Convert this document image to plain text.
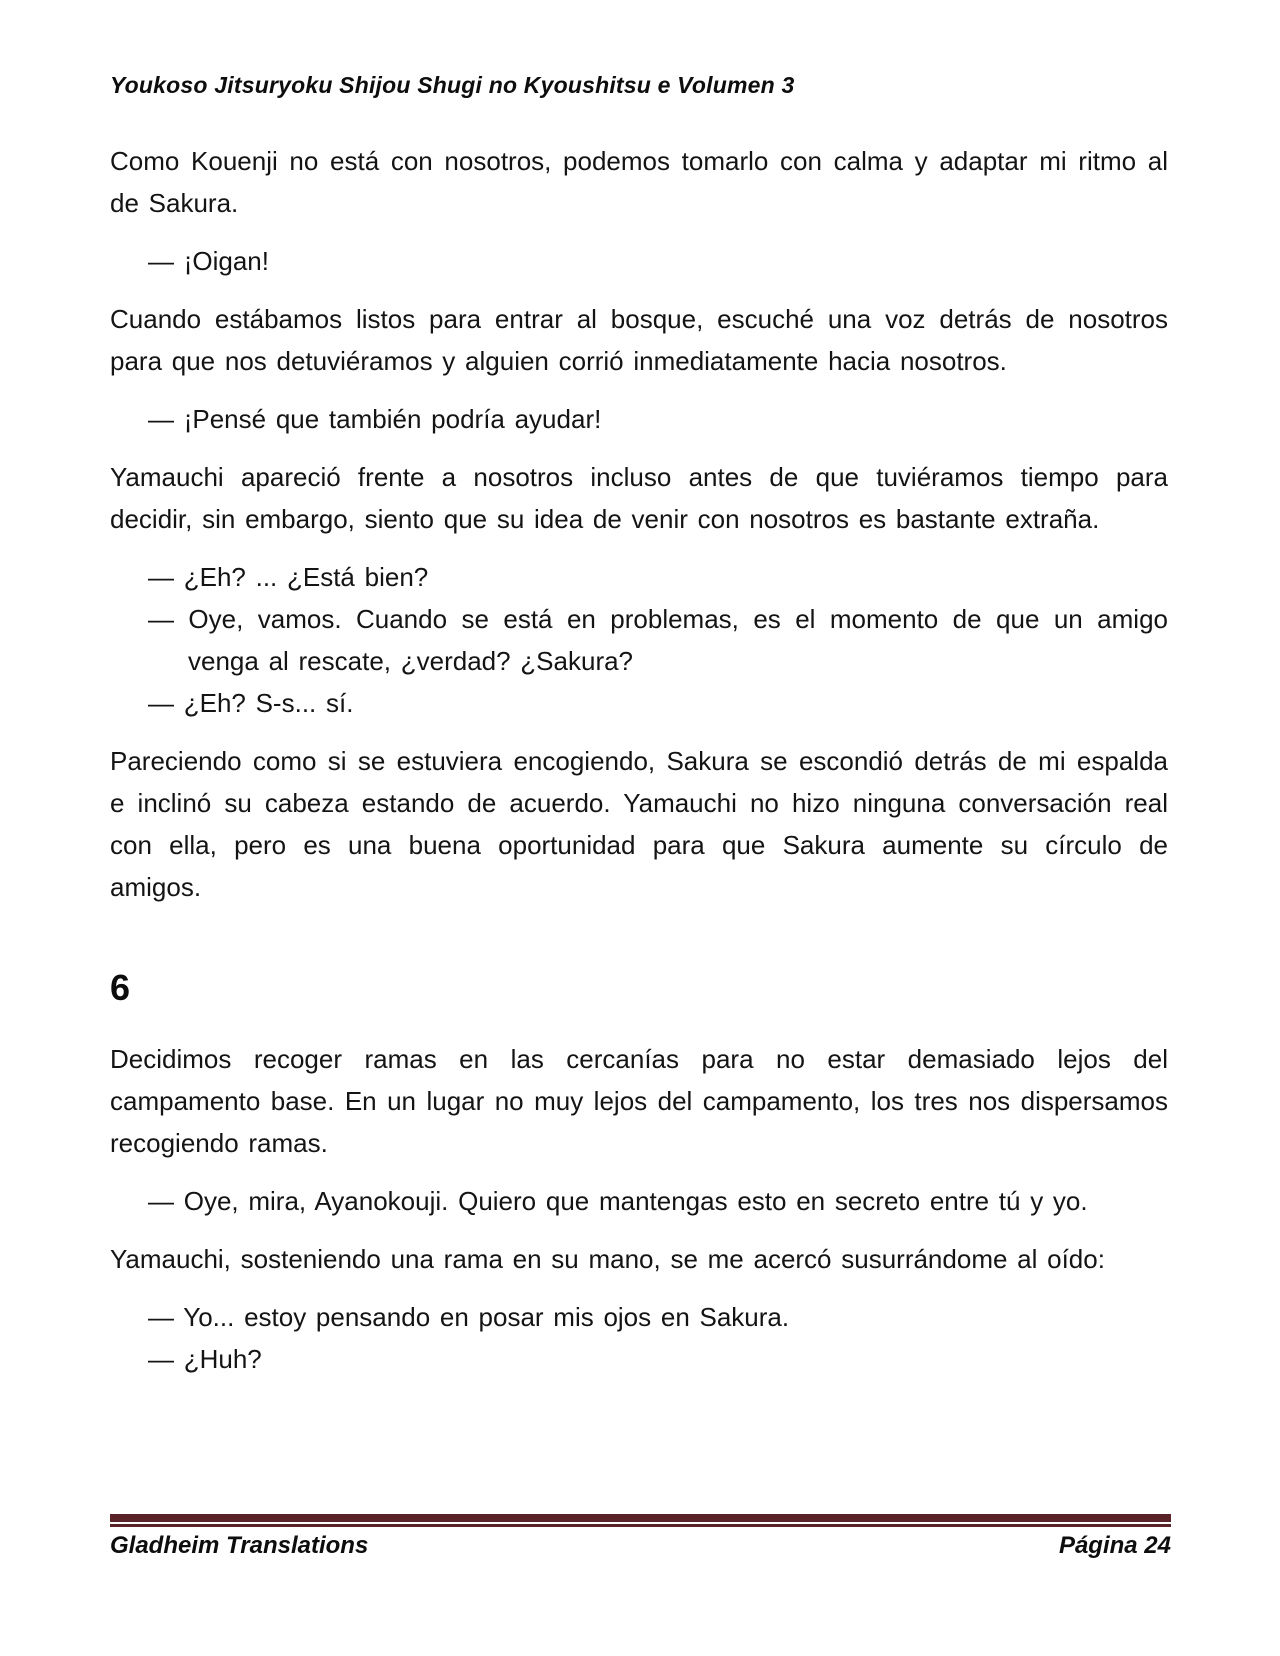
Youkoso Jitsuryoku Shijou Shugi no Kyoushitsu e Volumen 3

Como Kouenji no está con nosotros, podemos tomarlo con calma y adaptar mi ritmo al de Sakura.

— ¡Oigan!

Cuando estábamos listos para entrar al bosque, escuché una voz detrás de nosotros para que nos detuviéramos y alguien corrió inmediatamente hacia nosotros.

— ¡Pensé que también podría ayudar!

Yamauchi apareció frente a nosotros incluso antes de que tuviéramos tiempo para decidir, sin embargo, siento que su idea de venir con nosotros es bastante extraña.

— ¿Eh? ... ¿Está bien?

— Oye, vamos. Cuando se está en problemas, es el momento de que un amigo venga al rescate, ¿verdad? ¿Sakura?

— ¿Eh? S-s... sí.

Pareciendo como si se estuviera encogiendo, Sakura se escondió detrás de mi espalda e inclinó su cabeza estando de acuerdo. Yamauchi no hizo ninguna conversación real con ella, pero es una buena oportunidad para que Sakura aumente su círculo de amigos.

6

Decidimos recoger ramas en las cercanías para no estar demasiado lejos del campamento base. En un lugar no muy lejos del campamento, los tres nos dispersamos recogiendo ramas.

— Oye, mira, Ayanokouji. Quiero que mantengas esto en secreto entre tú y yo.

Yamauchi, sosteniendo una rama en su mano, se me acercó susurrándome al oído:

— Yo... estoy pensando en posar mis ojos en Sakura.

— ¿Huh?

Gladheim Translations	Página 24
